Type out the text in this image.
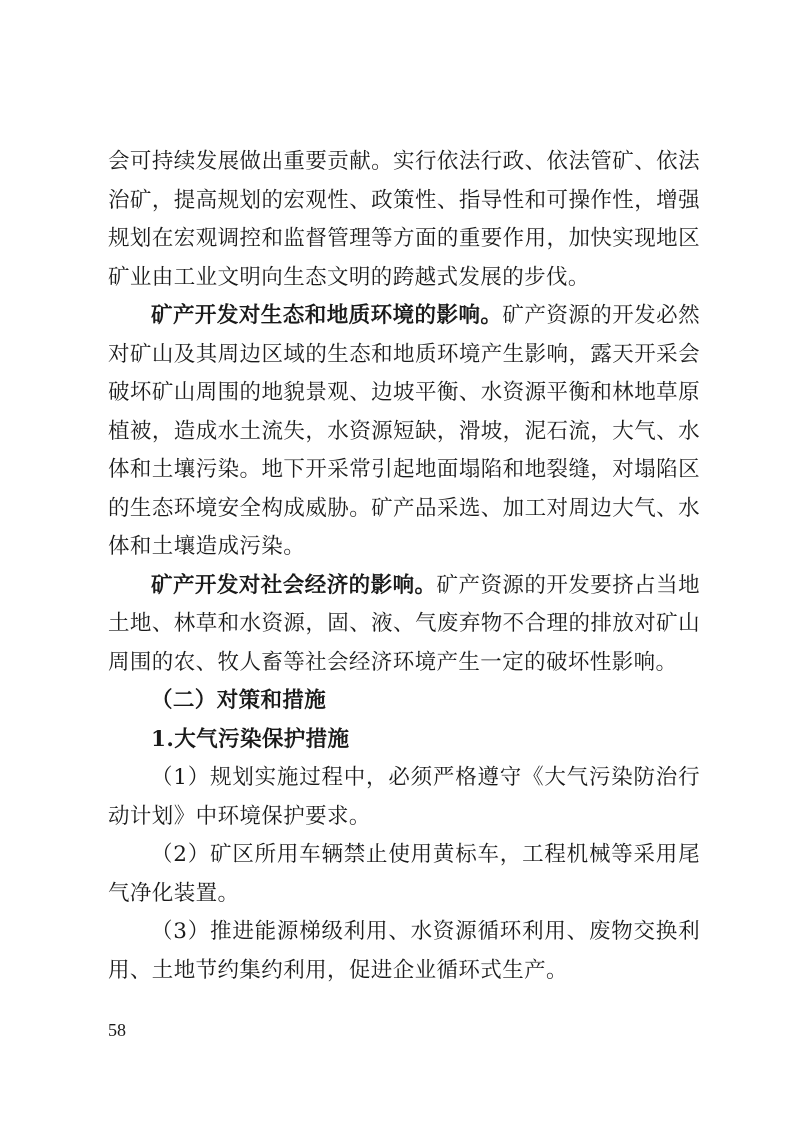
会可持续发展做出重要贡献。实行依法行政、依法管矿、依法治矿，提高规划的宏观性、政策性、指导性和可操作性，增强规划在宏观调控和监督管理等方面的重要作用，加快实现地区矿业由工业文明向生态文明的跨越式发展的步伐。

矿产开发对生态和地质环境的影响。矿产资源的开发必然对矿山及其周边区域的生态和地质环境产生影响，露天开采会破坏矿山周围的地貌景观、边坡平衡、水资源平衡和林地草原植被，造成水土流失，水资源短缺，滑坡，泥石流，大气、水体和土壤污染。地下开采常引起地面塌陷和地裂缝，对塌陷区的生态环境安全构成威胁。矿产品采选、加工对周边大气、水体和土壤造成污染。

矿产开发对社会经济的影响。矿产资源的开发要挤占当地土地、林草和水资源，固、液、气废弃物不合理的排放对矿山周围的农、牧人畜等社会经济环境产生一定的破坏性影响。

（二）对策和措施

1.大气污染保护措施

（1）规划实施过程中，必须严格遵守《大气污染防治行动计划》中环境保护要求。

（2）矿区所用车辆禁止使用黄标车，工程机械等采用尾气净化装置。

（3）推进能源梯级利用、水资源循环利用、废物交换利用、土地节约集约利用，促进企业循环式生产。

58
